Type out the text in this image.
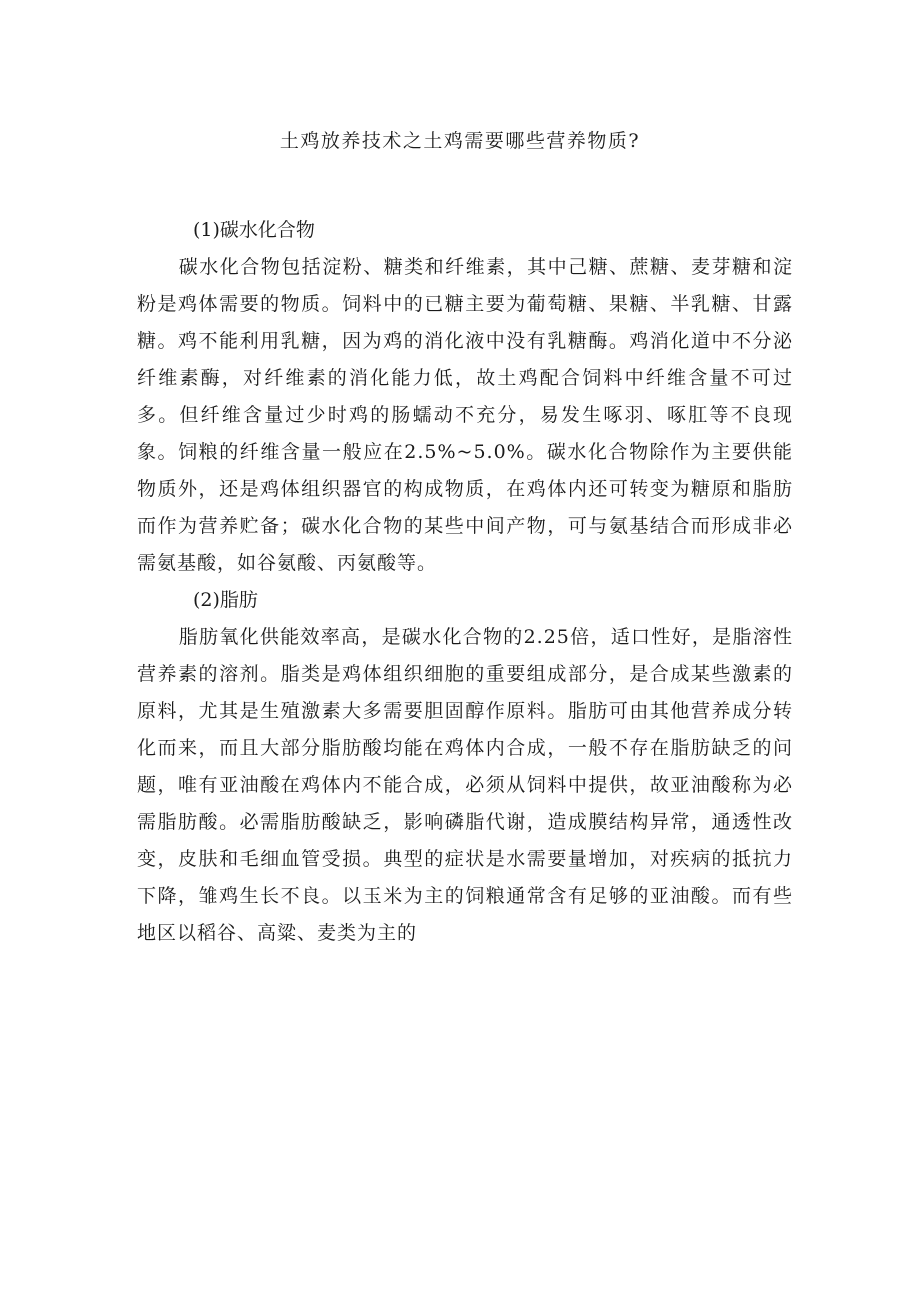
土鸡放养技术之土鸡需要哪些营养物质?
(1)碳水化合物

碳水化合物包括淀粉、糖类和纤维素，其中己糖、蔗糖、麦芽糖和淀粉是鸡体需要的物质。饲料中的已糖主要为葡萄糖、果糖、半乳糖、甘露糖。鸡不能利用乳糖，因为鸡的消化液中没有乳糖酶。鸡消化道中不分泌纤维素酶，对纤维素的消化能力低，故土鸡配合饲料中纤维含量不可过多。但纤维含量过少时鸡的肠蠕动不充分，易发生啄羽、啄肛等不良现象。饲粮的纤维含量一般应在2.5%~5.0%。碳水化合物除作为主要供能物质外，还是鸡体组织器官的构成物质，在鸡体内还可转变为糖原和脂肪而作为营养贮备；碳水化合物的某些中间产物，可与氨基结合而形成非必需氨基酸，如谷氨酸、丙氨酸等。

(2)脂肪

脂肪氧化供能效率高，是碳水化合物的2.25倍，适口性好，是脂溶性营养素的溶剂。脂类是鸡体组织细胞的重要组成部分，是合成某些激素的原料，尤其是生殖激素大多需要胆固醇作原料。脂肪可由其他营养成分转化而来，而且大部分脂肪酸均能在鸡体内合成，一般不存在脂肪缺乏的问题，唯有亚油酸在鸡体内不能合成，必须从饲料中提供，故亚油酸称为必需脂肪酸。必需脂肪酸缺乏，影响磷脂代谢，造成膜结构异常，通透性改变，皮肤和毛细血管受损。典型的症状是水需要量增加，对疾病的抵抗力下降，雏鸡生长不良。以玉米为主的饲粮通常含有足够的亚油酸。而有些地区以稻谷、高粱、麦类为主的
